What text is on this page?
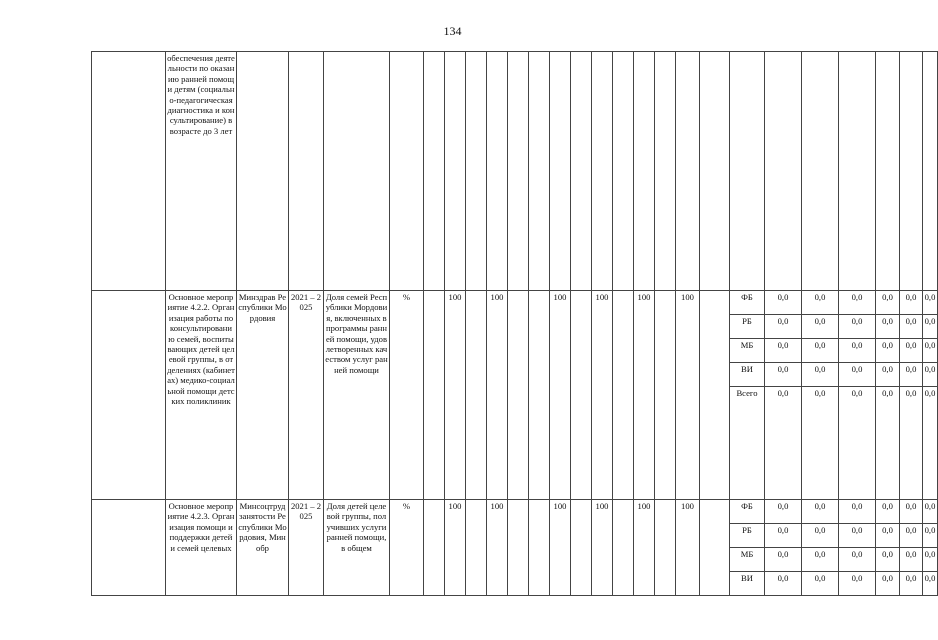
134
	обеспечения деятельности по оказанию ранней помощи детям (социально-педагогическая диагностика и консультирование) в возрасте до 3 лет																										
	Основное мероприятие 4.2.2. Организация работы по консультированию семей, воспитывающих детей целевой группы, в отделениях (кабинетах) медико-социальной помощи детских поликлиник	Минздрав Республики Мордовия	2021 – 2025	Доля семей Республики Мордовия, включенных в программы ранней помощи, удовлетворенных качеством услуг ранней помощи	%		100		100			100		100		100		100		ФБ	0,0	0,0	0,0	0,0	0,0	0,0	
																				РБ	0,0	0,0	0,0	0,0	0,0	0,0	
																				МБ	0,0	0,0	0,0	0,0	0,0	0,0	
																				ВИ	0,0	0,0	0,0	0,0	0,0	0,0	
																				Всего	0,0	0,0	0,0	0,0	0,0	0,0	
	Основное мероприятие 4.2.3. Организация помощи и поддержки детей и семей целевых	Минсоцтрудзанятости Республики Мордовия, Минобр	2021 – 2025	Доля детей целевой группы, получивших услуги ранней помощи, в общем	%		100		100			100		100		100		100		ФБ	0,0	0,0	0,0	0,0	0,0	0,0	
																				РБ	0,0	0,0	0,0	0,0	0,0	0,0	
																				МБ	0,0	0,0	0,0	0,0	0,0	0,0	
																				ВИ	0,0	0,0	0,0	0,0	0,0	0,0	
